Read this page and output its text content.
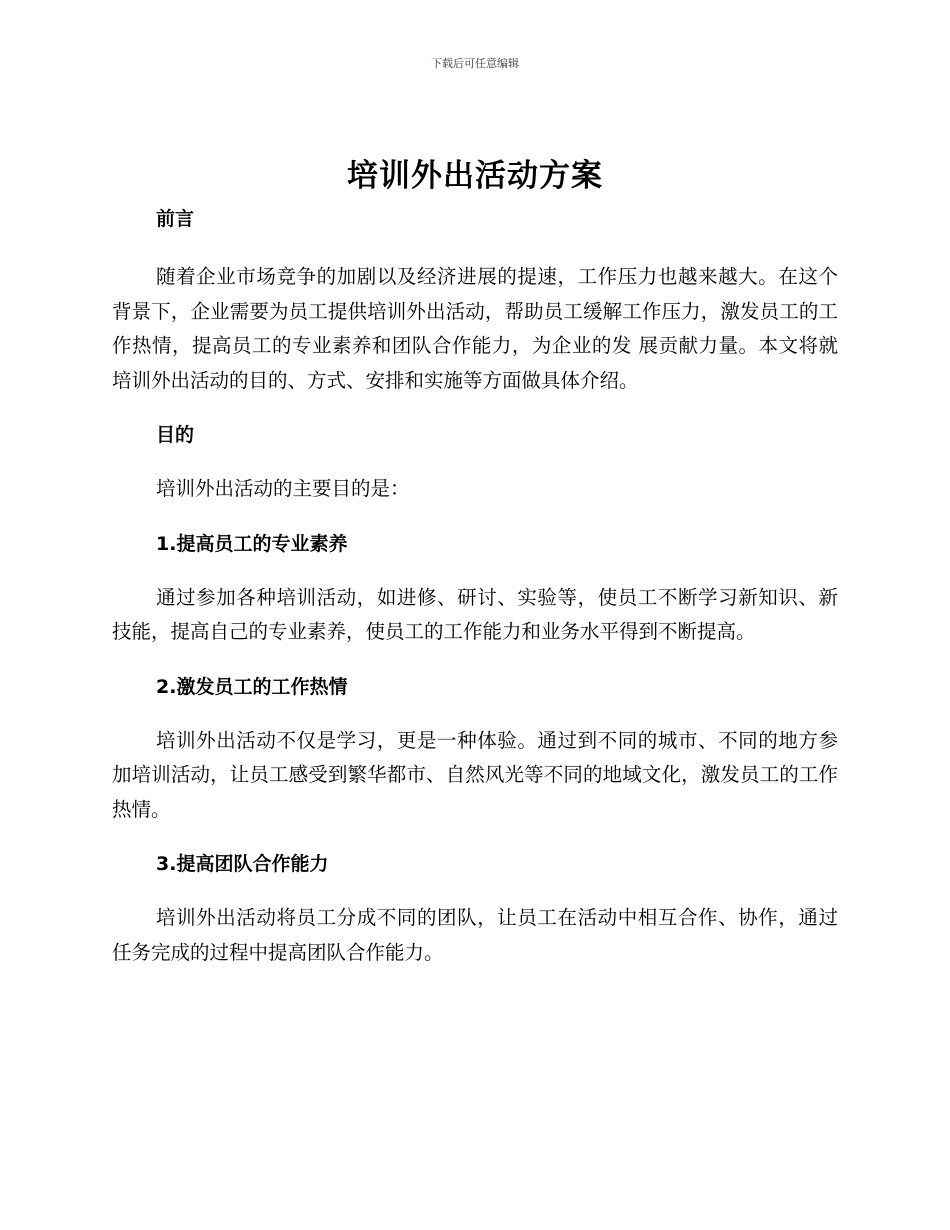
下载后可任意编辑
培训外出活动方案

前言

随着企业市场竞争的加剧以及经济进展的提速，工作压力也越来越大。在这个背景下，企业需要为员工提供培训外出活动，帮助员工缓解工作压力，激发员工的工作热情，提高员工的专业素养和团队合作能力，为企业的发 展贡献力量。本文将就培训外出活动的目的、方式、安排和实施等方面做具体介绍。

目的

培训外出活动的主要目的是：

1.提高员工的专业素养

通过参加各种培训活动，如进修、研讨、实验等，使员工不断学习新知识、新技能，提高自己的专业素养，使员工的工作能力和业务水平得到不断提高。

2.激发员工的工作热情

培训外出活动不仅是学习，更是一种体验。通过到不同的城市、不同的地方参加培训活动，让员工感受到繁华都市、自然风光等不同的地域文化，激发员工的工作热情。

3.提高团队合作能力

培训外出活动将员工分成不同的团队，让员工在活动中相互合作、协作，通过任务完成的过程中提高团队合作能力。
